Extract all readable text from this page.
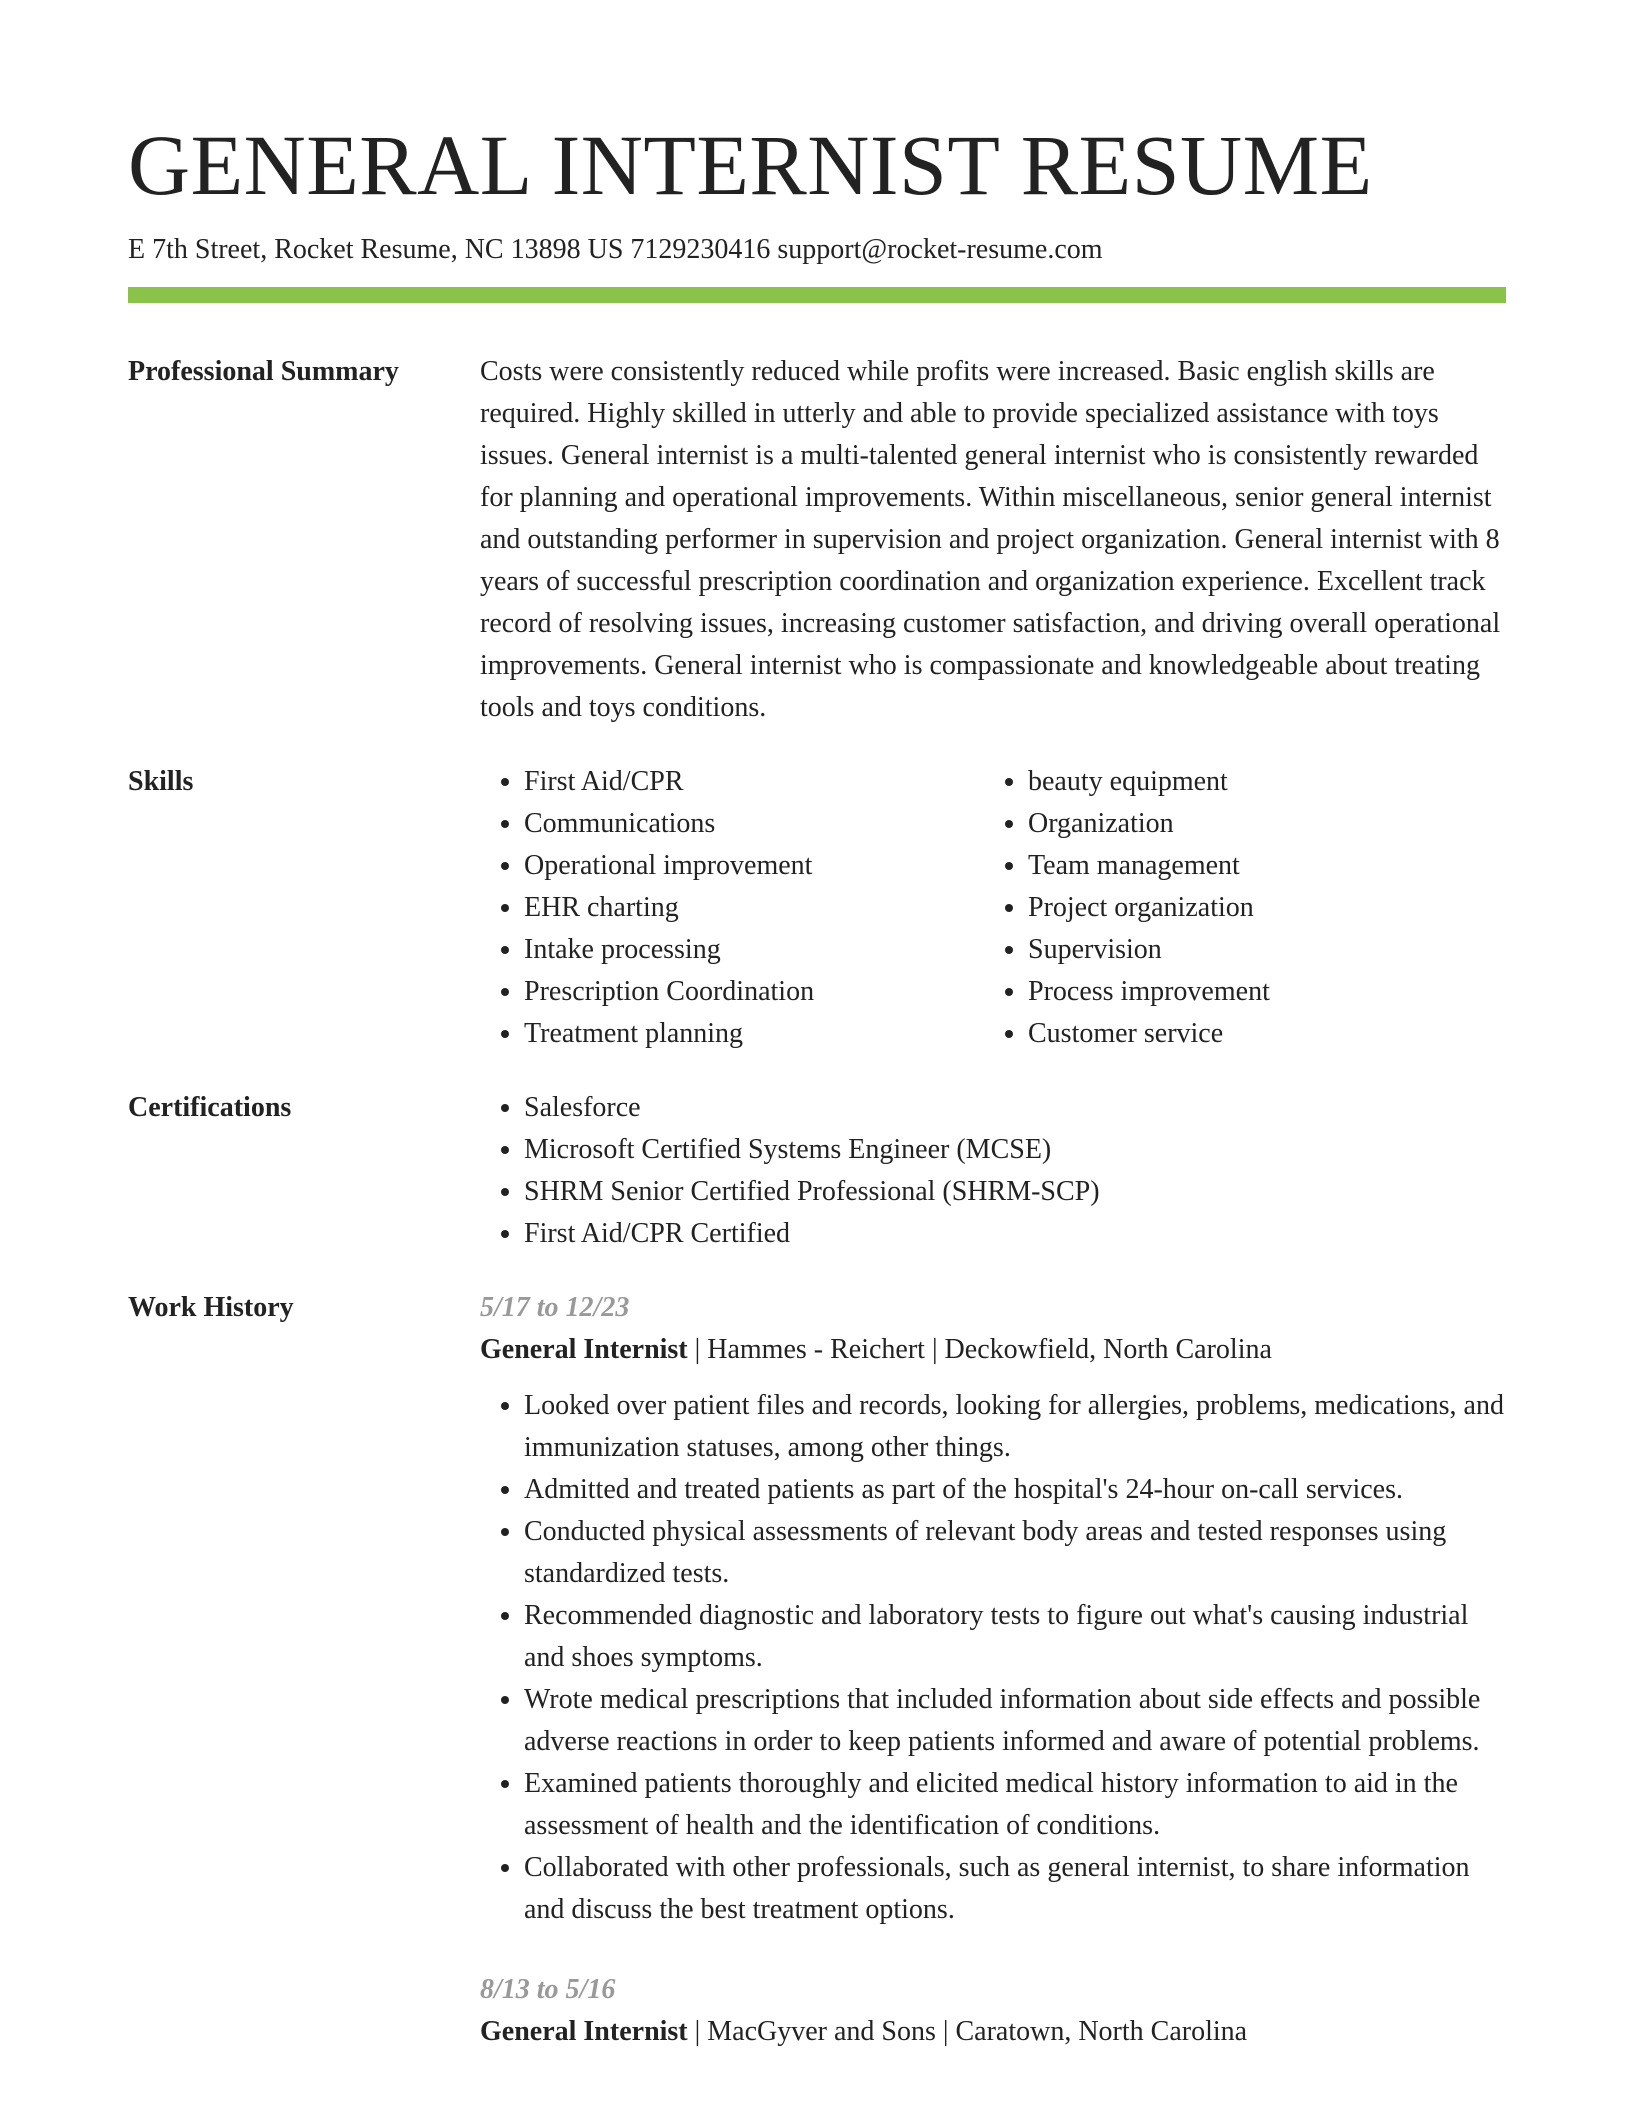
GENERAL INTERNIST RESUME
E 7th Street, Rocket Resume, NC 13898 US 7129230416 support@rocket-resume.com
Professional Summary	Costs were consistently reduced while profits were increased. Basic english skills are required. Highly skilled in utterly and able to provide specialized assistance with toys issues. General internist is a multi-talented general internist who is consistently rewarded for planning and operational improvements. Within miscellaneous, senior general internist and outstanding performer in supervision and project organization. General internist with 8 years of successful prescription coordination and organization experience. Excellent track record of resolving issues, increasing customer satisfaction, and driving overall operational improvements. General internist who is compassionate and knowledgeable about treating tools and toys conditions.

Skills	• First Aid/CPR
• Communications
• Operational improvement
• EHR charting
• Intake processing
• Prescription Coordination
• Treatment planning
• beauty equipment
• Organization
• Team management
• Project organization
• Supervision
• Process improvement
• Customer service
Certifications	• Salesforce
• Microsoft Certified Systems Engineer (MCSE)
• SHRM Senior Certified Professional (SHRM-SCP)
• First Aid/CPR Certified
Work History	5/17 to 12/23
General Internist | Hammes - Reichert | Deckowfield, North Carolina
• Looked over patient files and records, looking for allergies, problems, medications, and immunization statuses, among other things.
• Admitted and treated patients as part of the hospital's 24-hour on-call services.
• Conducted physical assessments of relevant body areas and tested responses using standardized tests.
• Recommended diagnostic and laboratory tests to figure out what's causing industrial and shoes symptoms.
• Wrote medical prescriptions that included information about side effects and possible adverse reactions in order to keep patients informed and aware of potential problems.
• Examined patients thoroughly and elicited medical history information to aid in the assessment of health and the identification of conditions.
• Collaborated with other professionals, such as general internist, to share information and discuss the best treatment options.
8/13 to 5/16
General Internist | MacGyver and Sons | Caratown, North Carolina
